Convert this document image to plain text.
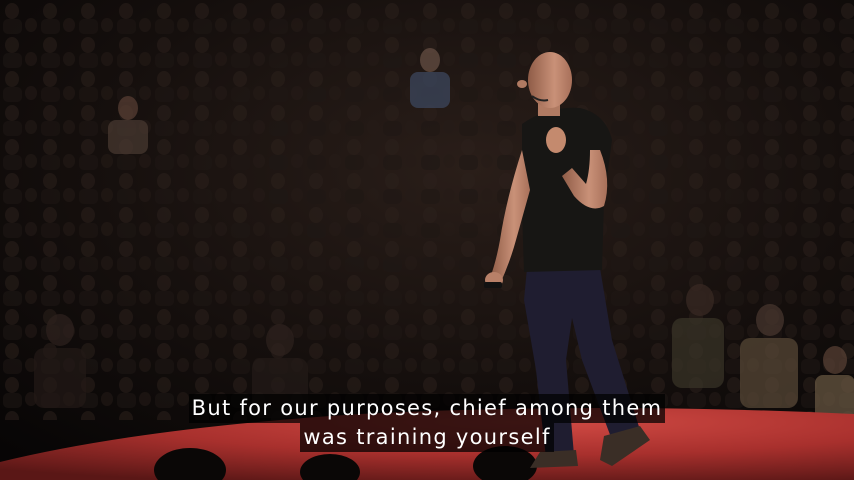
But for our purposes, chief among them
was training yourself
